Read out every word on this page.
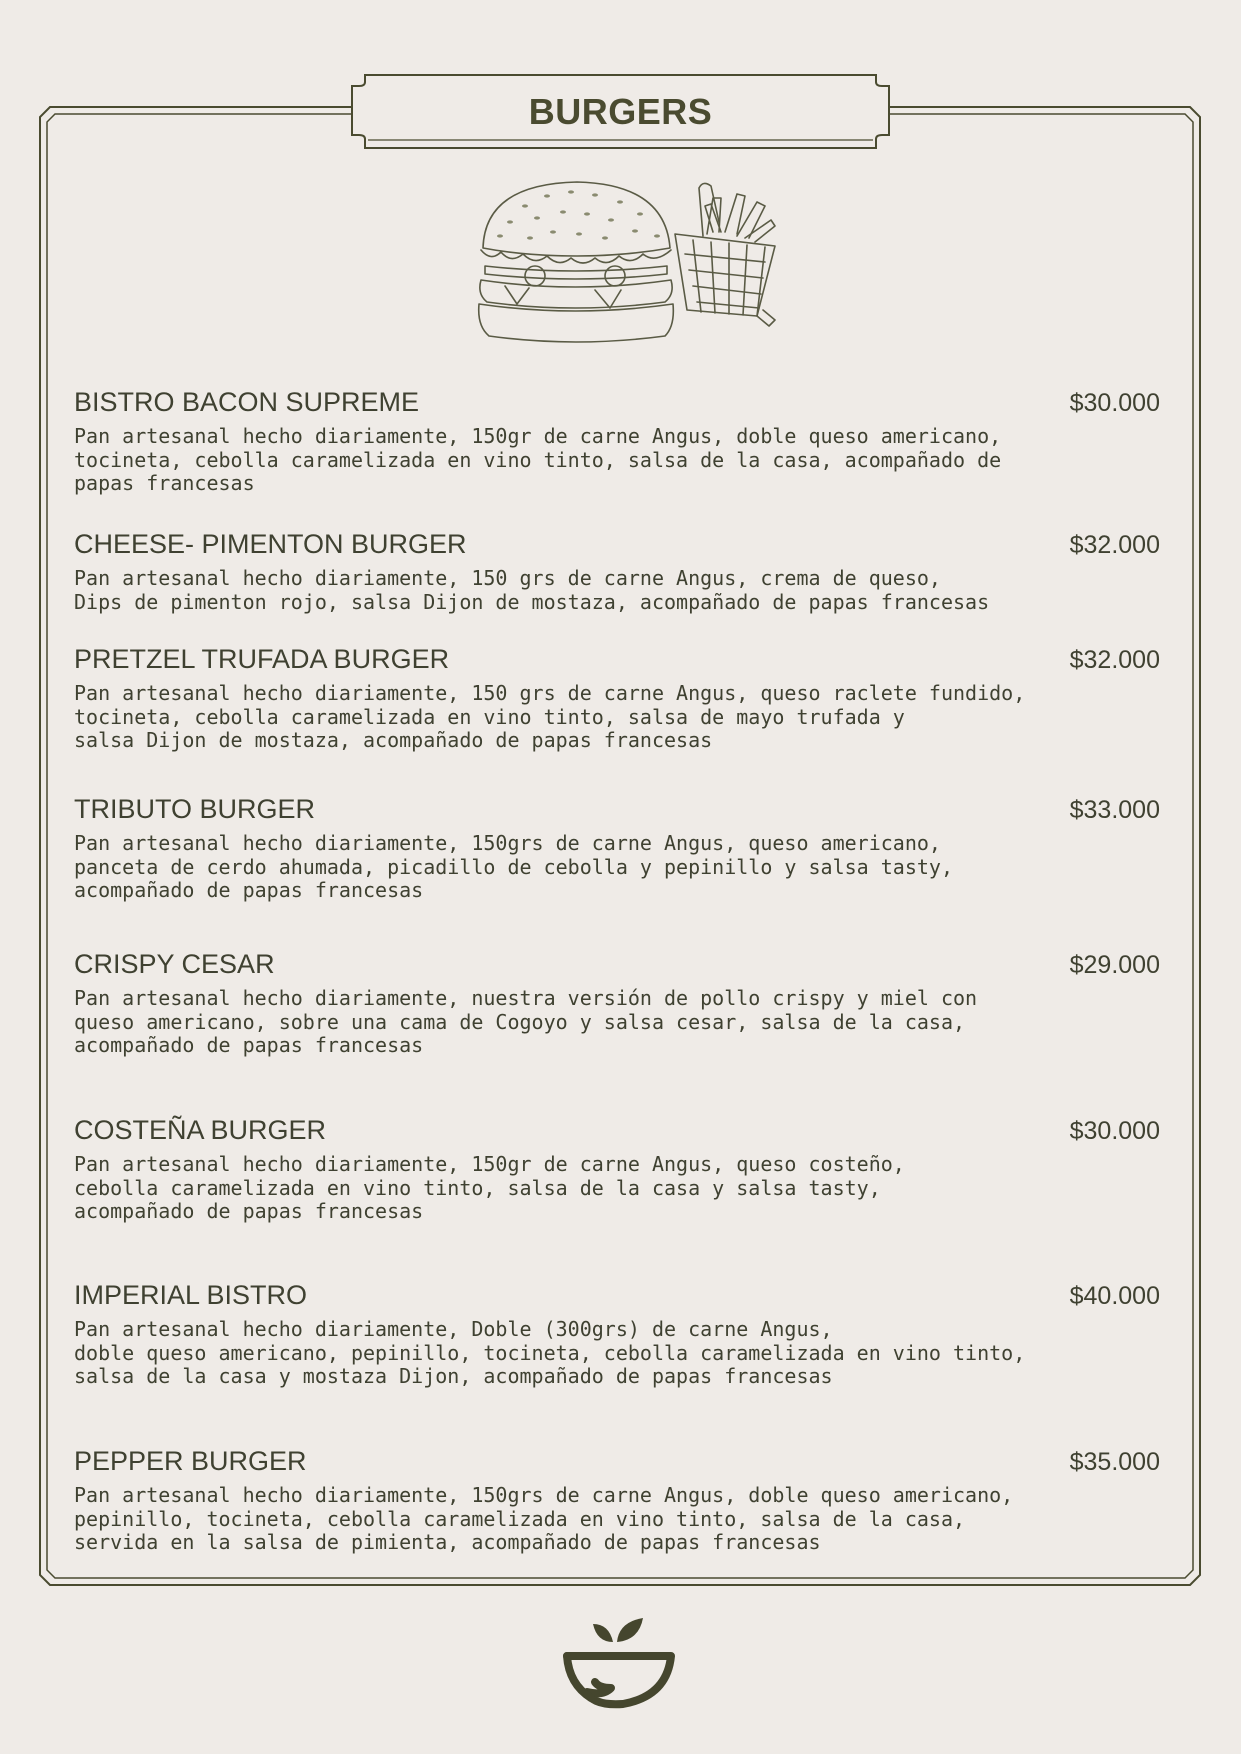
BURGERS
BISTRO BACON SUPREME	$30.000

Pan artesanal hecho diariamente, 150gr de carne Angus, doble queso americano,
tocineta, cebolla caramelizada en vino tinto, salsa de la casa, acompañado de
papas francesas

CHEESE- PIMENTON BURGER	$32.000

Pan artesanal hecho diariamente, 150 grs de carne Angus, crema de queso,
Dips de pimenton rojo, salsa Dijon de mostaza, acompañado de papas francesas

PRETZEL TRUFADA BURGER	$32.000

Pan artesanal hecho diariamente, 150 grs de carne Angus, queso raclete fundido,
tocineta, cebolla caramelizada en vino tinto, salsa de mayo trufada y
salsa Dijon de mostaza, acompañado de papas francesas

TRIBUTO BURGER	$33.000

Pan artesanal hecho diariamente, 150grs de carne Angus, queso americano,
panceta de cerdo ahumada, picadillo de cebolla y pepinillo y salsa tasty,
acompañado de papas francesas

CRISPY CESAR	$29.000

Pan artesanal hecho diariamente, nuestra versión de pollo crispy y miel con
queso americano, sobre una cama de Cogoyo y salsa cesar, salsa de la casa,
acompañado de papas francesas

COSTEÑA BURGER	$30.000

Pan artesanal hecho diariamente, 150gr de carne Angus, queso costeño,
cebolla caramelizada en vino tinto, salsa de la casa y salsa tasty,
acompañado de papas francesas

IMPERIAL BISTRO	$40.000

Pan artesanal hecho diariamente, Doble (300grs) de carne Angus,
doble queso americano, pepinillo, tocineta, cebolla caramelizada en vino tinto,
salsa de la casa y mostaza Dijon, acompañado de papas francesas

PEPPER BURGER	$35.000

Pan artesanal hecho diariamente, 150grs de carne Angus, doble queso americano,
pepinillo, tocineta, cebolla caramelizada en vino tinto, salsa de la casa,
servida en la salsa de pimienta, acompañado de papas francesas
